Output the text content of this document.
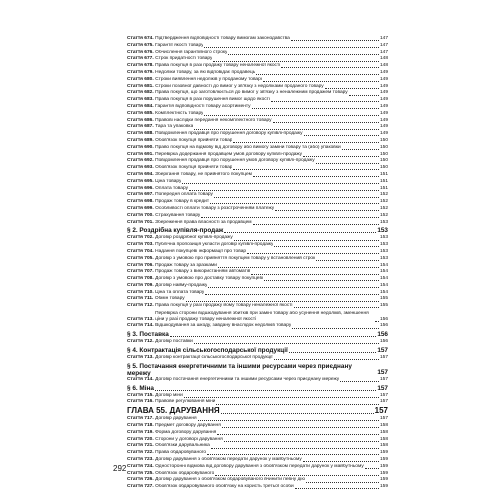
Стаття 674. Підтвердження відповідності товару вимогам законодавства	147
Стаття 675. Гарантії якості товару	147
Стаття 676. Обчислення гарантійного строку	147
Стаття 677. Строк придатності товару	148
Стаття 678. Права покупця в разі продажу товару неналежної якості	148
Стаття 679. Недоліки товару, за які відповідає продавець	149
Стаття 680. Строки виявлення недоліків у проданому товарі	149
Стаття 681. Строки позовної давності до вимог у зв'язку з недоліками проданого товару	149
Стаття 682. Права покупця, що заготовлюється до вимог у зв'язку з неналежним продажем товару	149
Стаття 683. Права покупця в разі порушення вимог щодо якості	149
Стаття 684. Гарантія відповідності товару асортименту	149
Стаття 685. Комплектність товару	149
Стаття 686. Правові наслідки передання некомплектного товару	149
Стаття 687. Тара та упаковка	149
Стаття 688. Повідомлення продавця про порушення договору купівлі-продажу	149
Стаття 689. Обов'язок покупця прийняти товар	150
Стаття 690. Право покупця на відмову від договору або вимогу заміни товару та (або) упаковки	150
Стаття 691. Перевірка додержання продавцем умов договору купівлі-продажу	150
Стаття 692. Повідомлення продавця про порушення умов договору купівлі-продажу	150
Стаття 693. Обов'язок покупця прийняти товар	150
Стаття 694. Зберігання товару, не прийнятого покупцем	151
Стаття 695. Ціна товару	151
Стаття 696. Оплата товару	151
Стаття 697. Попередня оплата товару	152
Стаття 698. Продаж товару в кредит	152
Стаття 699. Особливості оплати товару з розстроченням платежу	152
Стаття 700. Страхування товару	152
Стаття 701. Збереження права власності за продавцем	153
§ 2. Роздрібна купівля-продаж	153
Стаття 702. Договір роздрібної купівлі-продажу	153
Стаття 703. Публічна пропозиція укласти договір купівлі-продажу	153
Стаття 704. Надання покупцеві інформації про товар	153
Стаття 705. Договір з умовою про прийняття покупцем товару у встановлений строк	153
Стаття 706. Продаж товару за зразками	154
Стаття 707. Продаж товару з використанням автоматів	154
Стаття 708. Договір з умовою про доставку товару покупцеві	154
Стаття 709. Договір найму-продажу	154
Стаття 710. Ціна та оплата товару	154
Стаття 711. Обмін товару	155
Стаття 712. Права покупця у разі продажу йому товару неналежної якості	155
Стаття 713.
Перевірка сторони відшкодування збитків при заміні товару або усунення недоліків, зменшення ціни у разі продажу товару неналежної якості	156
Стаття 714. Відшкодування за шкоду, завдану внаслідок недоліків товару	156
§ 3. Поставка	156
Стаття 712. Договір поставки	156
§ 4. Контрактація сільськогосподарської продукції	157
Стаття 713. Договір контрактації сільськогосподарської продукції	157
§ 5. Постачання енергетичними та іншими ресурсами через приєднану мережу	157
Стаття 714. Договір постачання енергетичними та іншими ресурсами через приєднану мережу	157
§ 6. Міна	157
Стаття 715. Договір міни	157
Стаття 716. Правове регулювання міни	157
ГЛАВА 55. ДАРУВАННЯ	157
Стаття 717. Договір дарування	157
Стаття 718. Предмет договору дарування	158
Стаття 719. Форма договору дарування	158
Стаття 720. Сторони у договорі дарування	158
Стаття 721. Обов'язки дарувальника	158
Стаття 722. Права обдаровуваного	159
Стаття 723. Договір дарування з обов'язком передати дарунок у майбутньому	159
Стаття 724. Односторонні відмова від договору дарування з обов'язком передати дарунок у майбутньому	159
Стаття 725. Обов'язок обдаровуваного	159
Стаття 726. Договір дарування з обов'язком обдаровуваного вчинити певну дію	159
Стаття 727. Обов'язок обдаровуваного обов'язку на користь третьої особи	159
292
